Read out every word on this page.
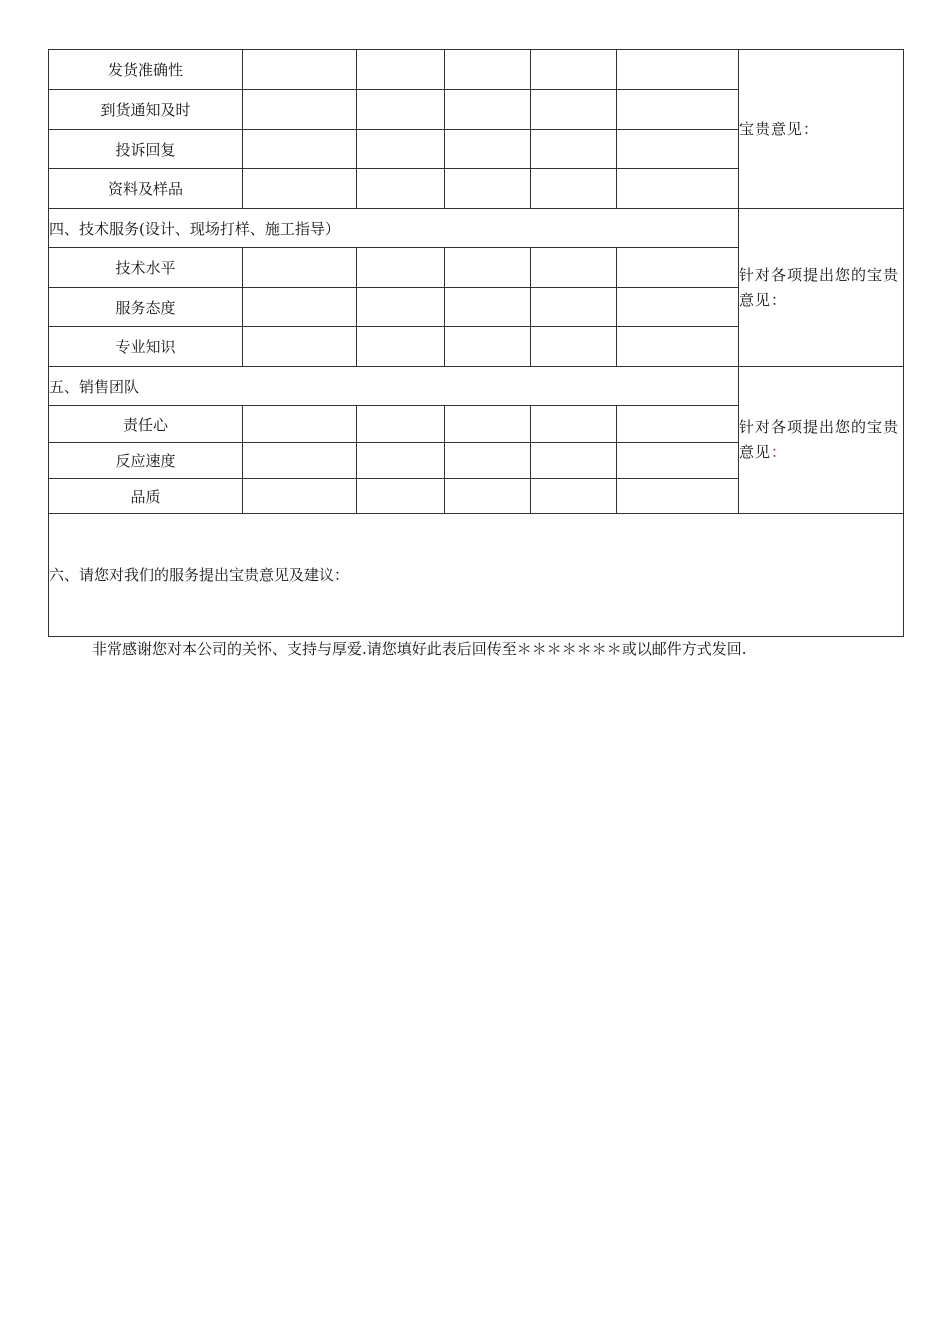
发货准确性						宝贵意见：
到货通知及时						
投诉回复						
资料及样品						
四、技术服务(设计、现场打样、施工指导）						针对各项提出您的宝贵意见：
技术水平						
服务态度						
专业知识						
五、销售团队						针对各项提出您的宝贵意见：
责任心						
反应速度						
品质						
六、请您对我们的服务提出宝贵意见及建议：						
非常感谢您对本公司的关怀、支持与厚爱.请您填好此表后回传至＊＊＊＊＊＊＊或以邮件方式发回.
